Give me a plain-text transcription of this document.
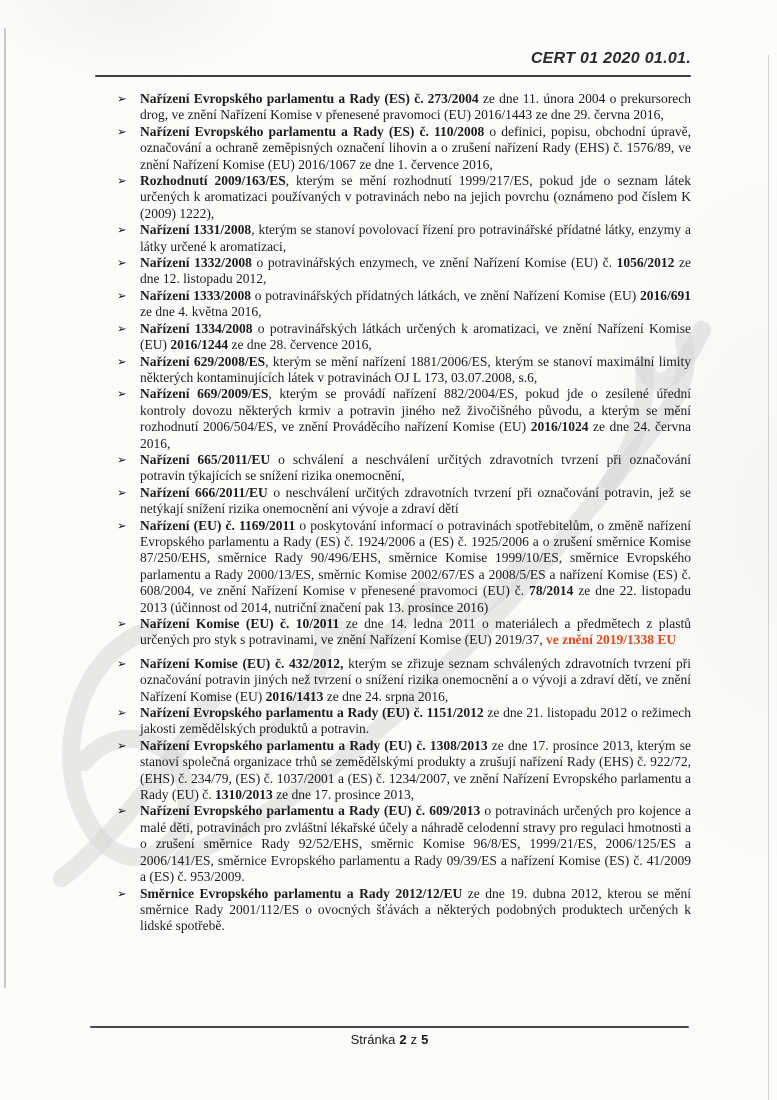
CERT 01 2020 01.01.
➢ Nařízení Evropského parlamentu a Rady (ES) č. 273/2004 ze dne 11. února 2004 o prekursorech drog, ve znění Nařízení Komise v přenesené pravomoci (EU) 2016/1443 ze dne 29. června 2016,
➢ Nařízení Evropského parlamentu a Rady (ES) č. 110/2008 o definici, popisu, obchodní úpravě, označování a ochraně zeměpisných označení lihovin a o zrušení nařízení Rady (EHS) č. 1576/89, ve znění Nařízení Komise (EU) 2016/1067 ze dne 1. července 2016,
➢ Rozhodnutí 2009/163/ES, kterým se mění rozhodnutí 1999/217/ES, pokud jde o seznam látek určených k aromatizaci používaných v potravinách nebo na jejich povrchu (oznámeno pod číslem K (2009) 1222),
➢ Nařízení 1331/2008, kterým se stanoví povolovací řízení pro potravinářské přídatné látky, enzymy a látky určené k aromatizaci,
➢ Nařízení 1332/2008 o potravinářských enzymech, ve znění Nařízení Komise (EU) č. 1056/2012 ze dne 12. listopadu 2012,
➢ Nařízení 1333/2008 o potravinářských přídatných látkách, ve znění Nařízení Komise (EU) 2016/691 ze dne 4. května 2016,
➢ Nařízení 1334/2008 o potravinářských látkách určených k aromatizaci, ve znění Nařízení Komise (EU) 2016/1244 ze dne 28. července 2016,
➢ Nařízení 629/2008/ES, kterým se mění nařízení 1881/2006/ES, kterým se stanoví maximální limity některých kontaminujících látek v potravinách OJ L 173, 03.07.2008, s.6,
➢ Nařízení 669/2009/ES, kterým se provádí nařízení 882/2004/ES, pokud jde o zesílené úřední kontroly dovozu některých krmiv a potravin jiného než živočišného původu, a kterým se mění rozhodnutí 2006/504/ES, ve znění Prováděcího nařízení Komise (EU) 2016/1024 ze dne 24. června 2016,
➢ Nařízení 665/2011/EU o schválení a neschválení určitých zdravotních tvrzení při označování potravin týkajících se snížení rizika onemocnění,
➢ Nařízení 666/2011/EU o neschválení určitých zdravotních tvrzení při označování potravin, jež se netýkají snížení rizika onemocnění ani vývoje a zdraví dětí
➢ Nařízení (EU) č. 1169/2011 o poskytování informací o potravinách spotřebitelům, o změně nařízení Evropského parlamentu a Rady (ES) č. 1924/2006 a (ES) č. 1925/2006 a o zrušení směrnice Komise 87/250/EHS, směrnice Rady 90/496/EHS, směrnice Komise 1999/10/ES, směrnice Evropského parlamentu a Rady 2000/13/ES, směrnic Komise 2002/67/ES a 2008/5/ES a nařízení Komise (ES) č. 608/2004, ve znění Nařízení Komise v přenesené pravomoci (EU) č. 78/2014 ze dne 22. listopadu 2013 (účinnost od 2014, nutriční značení pak 13. prosince 2016)
➢ Nařízení Komise (EU) č. 10/2011 ze dne 14. ledna 2011 o materiálech a předmětech z plastů určených pro styk s potravinami, ve znění Nařízení Komise (EU) 2019/37, ve znění 2019/1338 EU
➢ Nařízení Komise (EU) č. 432/2012, kterým se zřizuje seznam schválených zdravotních tvrzení při označování potravin jiných než tvrzení o snížení rizika onemocnění a o vývoji a zdraví dětí, ve znění Nařízení Komise (EU) 2016/1413 ze dne 24. srpna 2016,
➢ Nařízení Evropského parlamentu a Rady (EU) č. 1151/2012 ze dne 21. listopadu 2012 o režimech jakosti zemědělských produktů a potravin.
➢ Nařízení Evropského parlamentu a Rady (EU) č. 1308/2013 ze dne 17. prosince 2013, kterým se stanoví společná organizace trhů se zemědělskými produkty a zrušují nařízení Rady (EHS) č. 922/72, (EHS) č. 234/79, (ES) č. 1037/2001 a (ES) č. 1234/2007, ve znění Nařízení Evropského parlamentu a Rady (EU) č. 1310/2013 ze dne 17. prosince 2013,
➢ Nařízení Evropského parlamentu a Rady (EU) č. 609/2013 o potravinách určených pro kojence a malé děti, potravinách pro zvláštní lékařské účely a náhradě celodenní stravy pro regulaci hmotnosti a o zrušení směrnice Rady 92/52/EHS, směrnic Komise 96/8/ES, 1999/21/ES, 2006/125/ES a 2006/141/ES, směrnice Evropského parlamentu a Rady 09/39/ES a nařízení Komise (ES) č. 41/2009 a (ES) č. 953/2009.
➢ Směrnice Evropského parlamentu a Rady 2012/12/EU ze dne 19. dubna 2012, kterou se mění směrnice Rady 2001/112/ES o ovocných šťávách a některých podobných produktech určených k lidské spotřebě.
Stránka 2 z 5
